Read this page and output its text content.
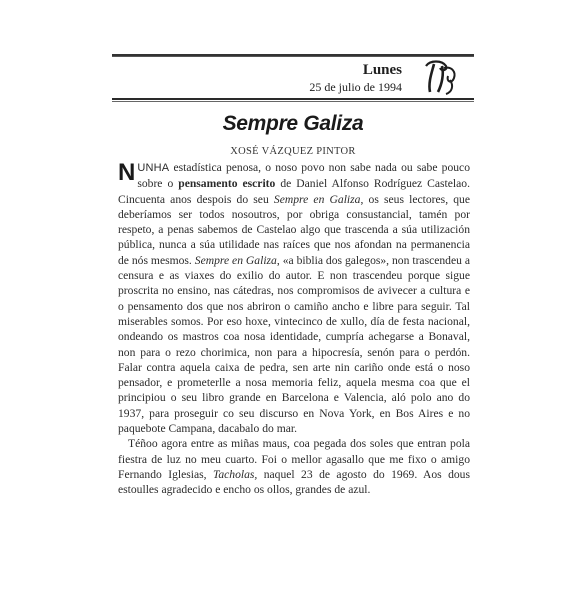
Lunes
25 de julio de 1994
Sempre Galiza
XOSÉ VÁZQUEZ PINTOR

NUNHA estadística penosa, o noso povo non sabe nada ou sabe pouco sobre o pensamento escrito de Daniel Alfonso Rodríguez Castelao. Cincuenta anos despois do seu Sempre en Galiza, os seus lectores, que deberíamos ser todos nosoutros, por obriga consustancial, tamén por respeto, a penas sabemos de Castelao algo que trascenda a súa utilización pública, nunca a súa utilidade nas raíces que nos afondan na permanencia de nós mesmos. Sempre en Galiza, «a biblia dos galegos», non trascendeu a censura e as viaxes do exilio do autor. E non trascendeu porque sigue proscrita no ensino, nas cátedras, nos compromisos de avivecer a cultura e o pensamento dos que nos abriron o camiño ancho e libre para seguir. Tal miserables somos. Por eso hoxe, vintecinco de xullo, día de festa nacional, ondeando os mastros coa nosa identidade, cumpría achegarse a Bonaval, non para o rezo chorimica, non para a hipocresía, senón para o perdón. Falar contra aquela caixa de pedra, sen arte nin cariño onde está o noso pensador, e prometerlle a nosa memoria feliz, aquela mesma coa que el principiou o seu libro grande en Barcelona e Valencia, aló polo ano do 1937, para proseguir co seu discurso en Nova York, en Bos Aires e no paquebote Campana, dacabalo do mar.

Téñoo agora entre as miñas maus, coa pegada dos soles que entran pola fiestra de luz no meu cuarto. Foi o mellor agasallo que me fixo o amigo Fernando Iglesias, Tacholas, naquel 23 de agosto do 1969. Aos dous estoulles agradecido e encho os ollos, grandes de azul.
